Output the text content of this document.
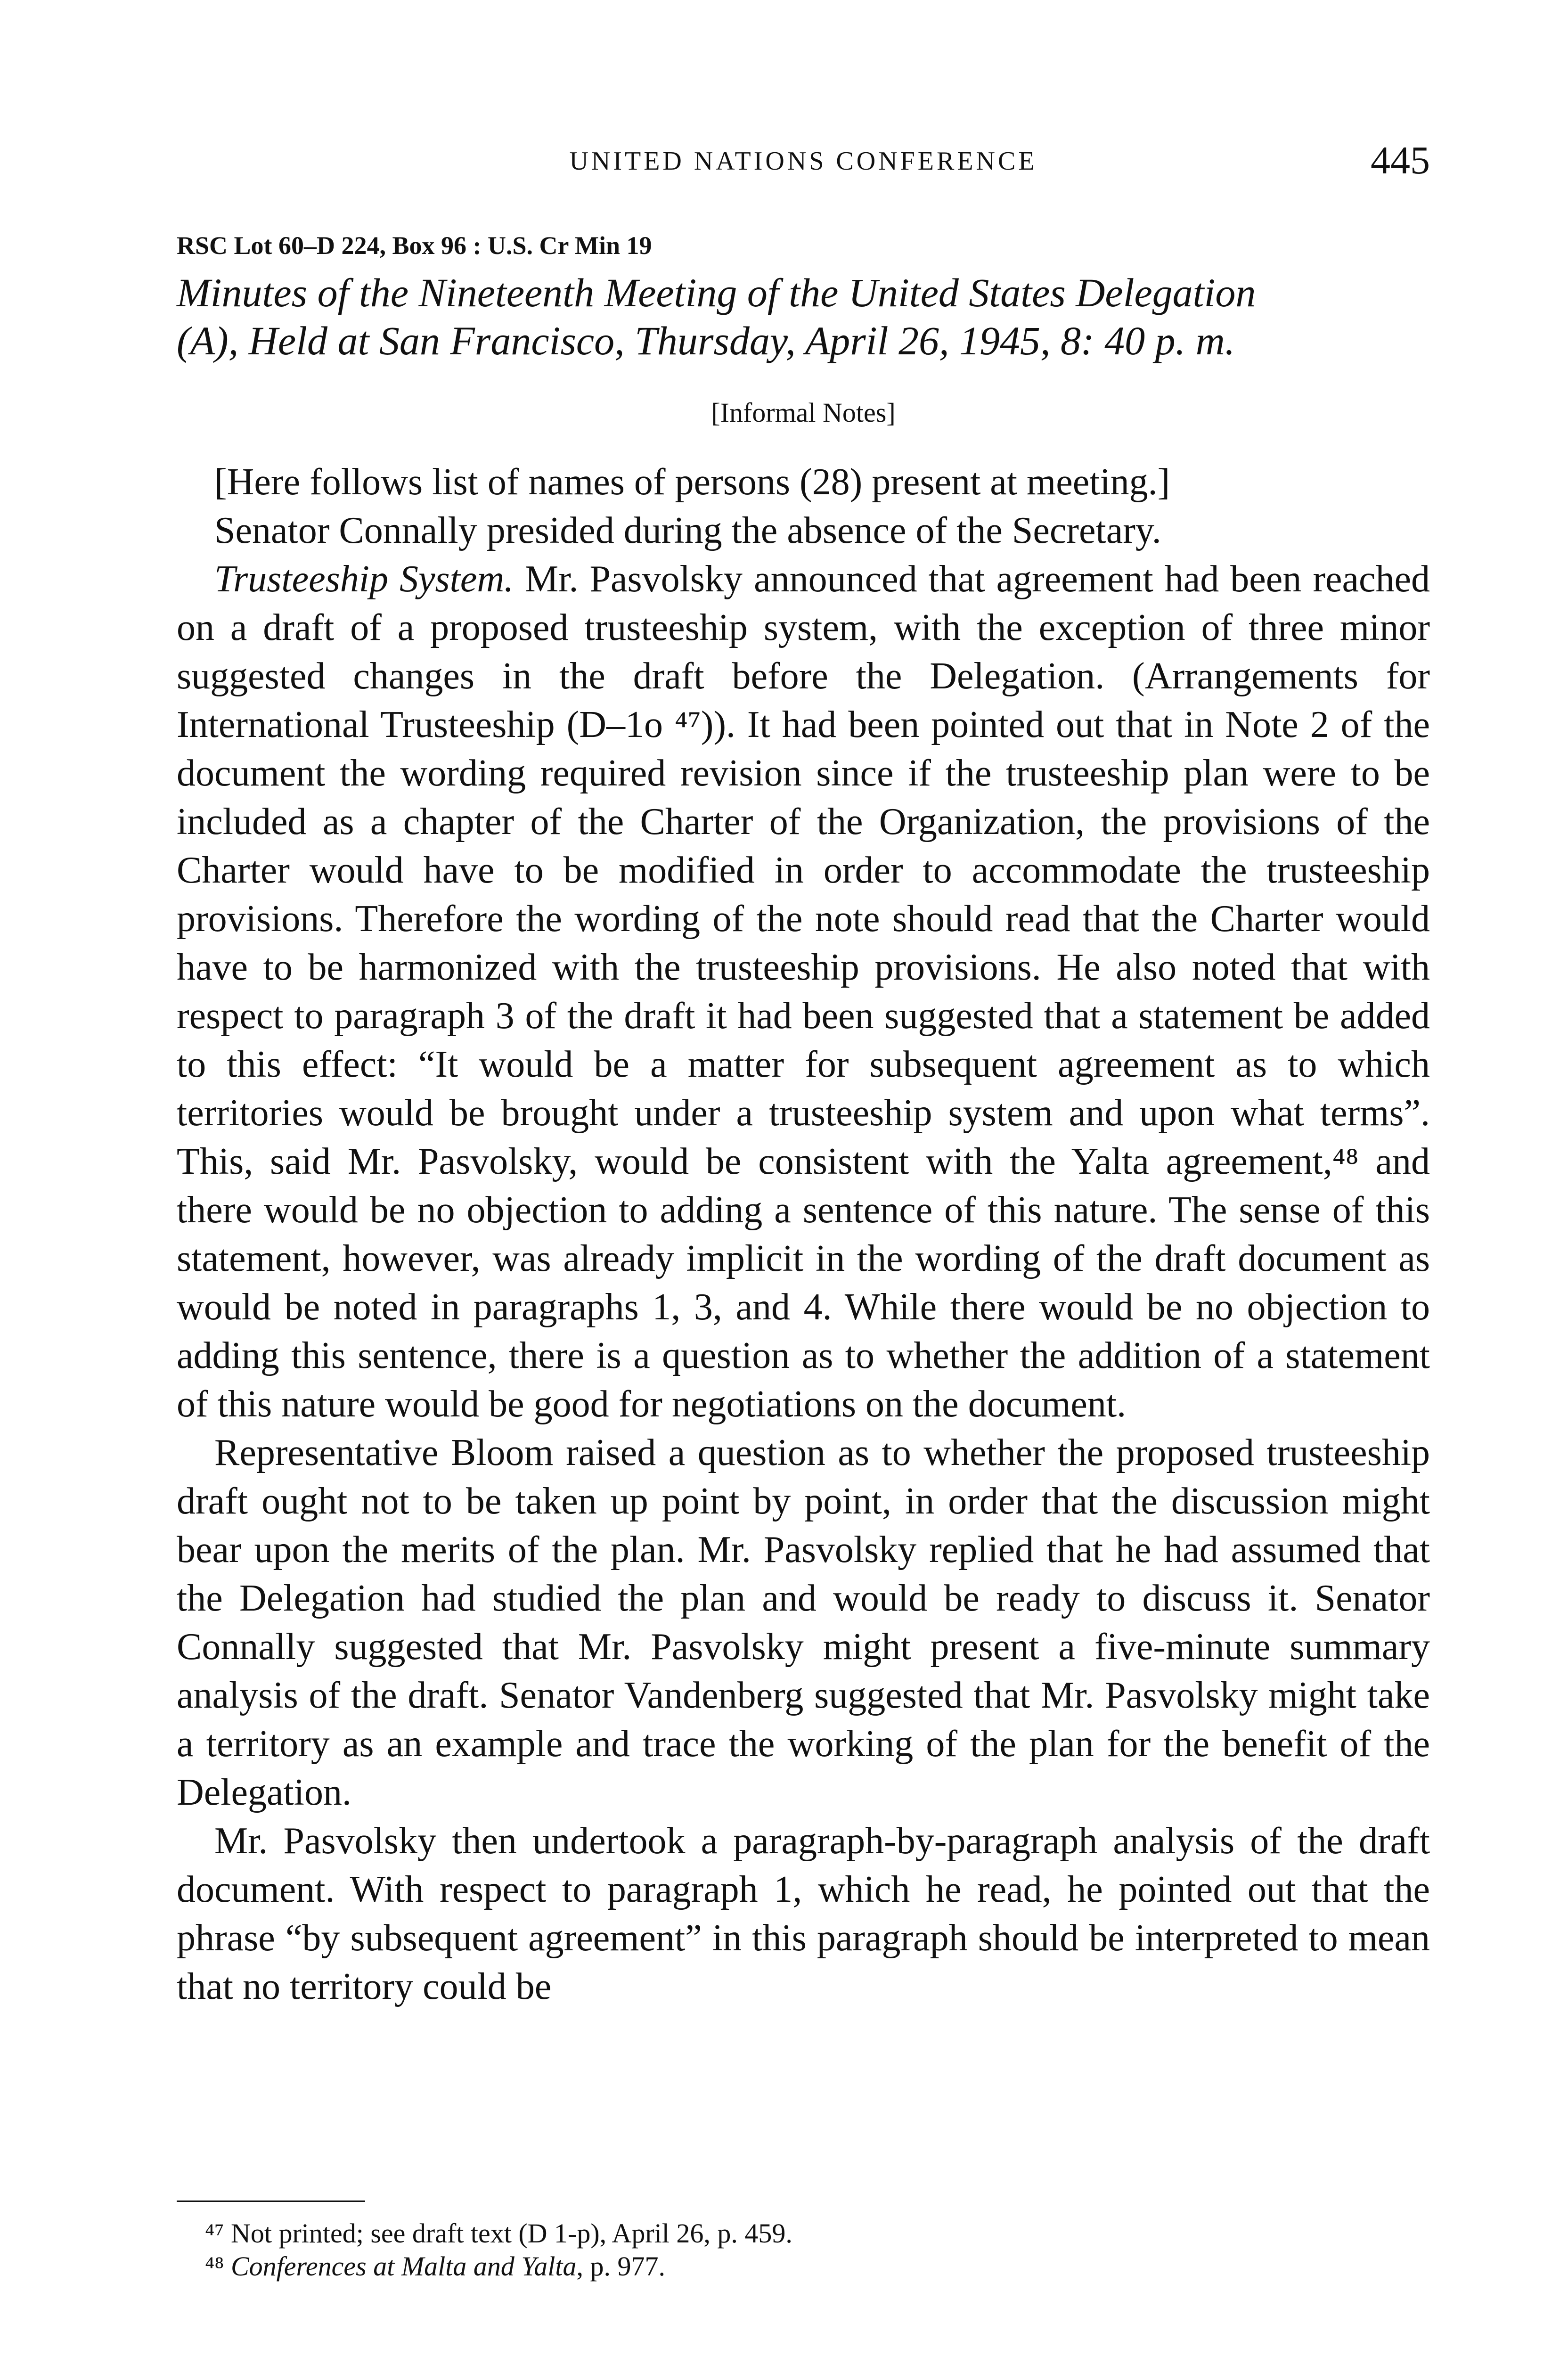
UNITED NATIONS CONFERENCE	445
RSC Lot 60–D 224, Box 96 : U.S. Cr Min 19
Minutes of the Nineteenth Meeting of the United States Delegation
(A), Held at San Francisco, Thursday, April 26, 1945, 8: 40 p. m.
[Informal Notes]

[Here follows list of names of persons (28) present at meeting.]

Senator Connally presided during the absence of the Secretary.

Trusteeship System. Mr. Pasvolsky announced that agreement had been reached on a draft of a proposed trusteeship system, with the exception of three minor suggested changes in the draft before the Delegation. (Arrangements for International Trusteeship (D–1o ⁴⁷)). It had been pointed out that in Note 2 of the document the wording required revision since if the trusteeship plan were to be included as a chapter of the Charter of the Organization, the provisions of the Charter would have to be modified in order to accommodate the trusteeship provisions. Therefore the wording of the note should read that the Charter would have to be harmonized with the trusteeship provisions. He also noted that with respect to paragraph 3 of the draft it had been suggested that a statement be added to this effect: “It would be a matter for subsequent agreement as to which territories would be brought under a trusteeship system and upon what terms”. This, said Mr. Pasvolsky, would be consistent with the Yalta agreement,⁴⁸ and there would be no objection to adding a sentence of this nature. The sense of this statement, however, was already implicit in the wording of the draft document as would be noted in paragraphs 1, 3, and 4. While there would be no objection to adding this sentence, there is a question as to whether the addition of a statement of this nature would be good for negotiations on the document.

Representative Bloom raised a question as to whether the proposed trusteeship draft ought not to be taken up point by point, in order that the discussion might bear upon the merits of the plan. Mr. Pasvolsky replied that he had assumed that the Delegation had studied the plan and would be ready to discuss it. Senator Connally suggested that Mr. Pasvolsky might present a five-minute summary analysis of the draft. Senator Vandenberg suggested that Mr. Pasvolsky might take a territory as an example and trace the working of the plan for the benefit of the Delegation.

Mr. Pasvolsky then undertook a paragraph-by-paragraph analysis of the draft document. With respect to paragraph 1, which he read, he pointed out that the phrase “by subsequent agreement” in this paragraph should be interpreted to mean that no territory could be

⁴⁷ Not printed; see draft text (D 1-p), April 26, p. 459.
⁴⁸ Conferences at Malta and Yalta, p. 977.
